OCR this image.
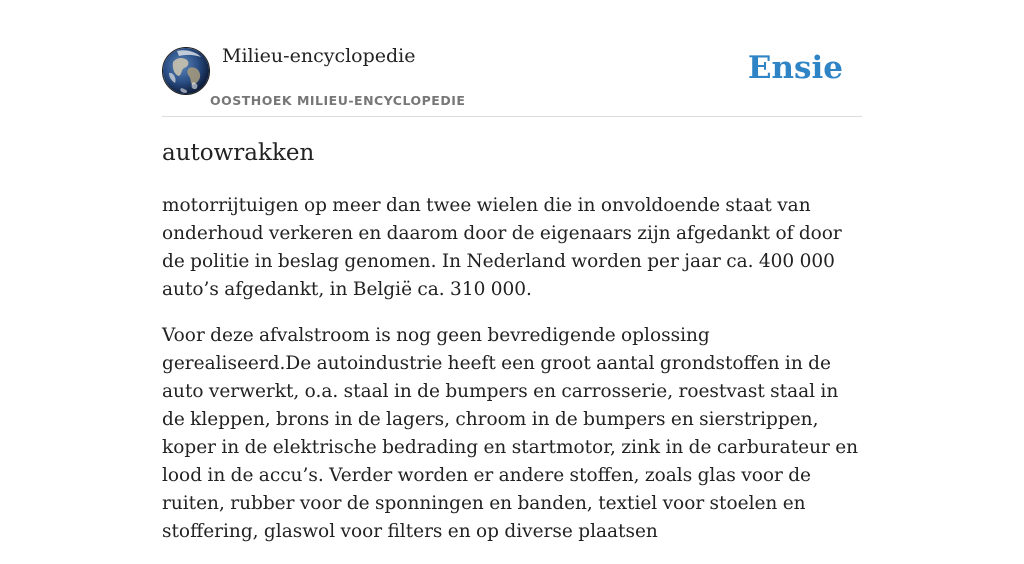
Milieu-encyclopedie
OOSTHOEK MILIEU-ENCYCLOPEDIE
Ensie
autowrakken

motorrijtuigen op meer dan twee wielen die in onvoldoende staat van onderhoud verkeren en daarom door de eigenaars zijn afgedankt of door de politie in beslag genomen. In Nederland worden per jaar ca. 400 000 auto’s afgedankt, in België ca. 310 000.

Voor deze afvalstroom is nog geen bevredigende oplossing gerealiseerd.De autoindustrie heeft een groot aantal grondstoffen in de auto verwerkt, o.a. staal in de bumpers en carrosserie, roestvast staal in de kleppen, brons in de lagers, chroom in de bumpers en sierstrippen, koper in de elektrische bedrading en startmotor, zink in de carburateur en lood in de accu’s. Verder worden er andere stoffen, zoals glas voor de ruiten, rubber voor de sponningen en banden, textiel voor stoelen en stoffering, glaswol voor filters en op diverse plaatsen
